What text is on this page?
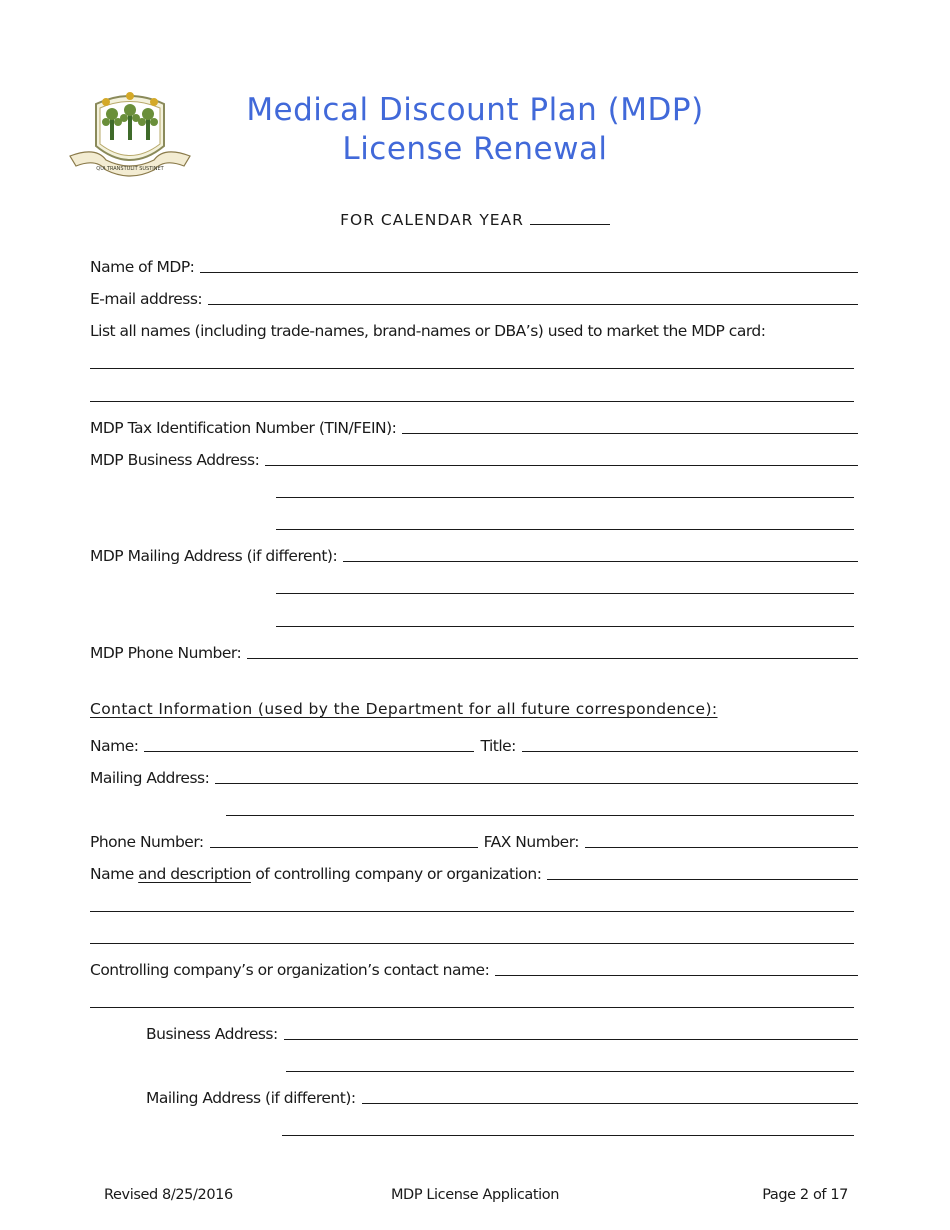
QUI TRANSTULIT SUSTINET
Medical Discount Plan (MDP)
License Renewal
FOR CALENDAR YEAR
Name of MDP:
E-mail address:
List all names (including trade-names, brand-names or DBA’s) used to market the MDP card:
MDP Tax Identification Number (TIN/FEIN):
MDP Business Address:
MDP Mailing Address (if different):
MDP Phone Number:
Contact Information (used by the Department for all future correspondence):
Name:	Title:
Mailing Address:
Phone Number:	FAX Number:
Name and description of controlling company or organization:
Controlling company’s or organization’s contact name:
Business Address:
Mailing Address (if different):
Revised 8/25/2016	MDP License Application	Page 2 of 17
